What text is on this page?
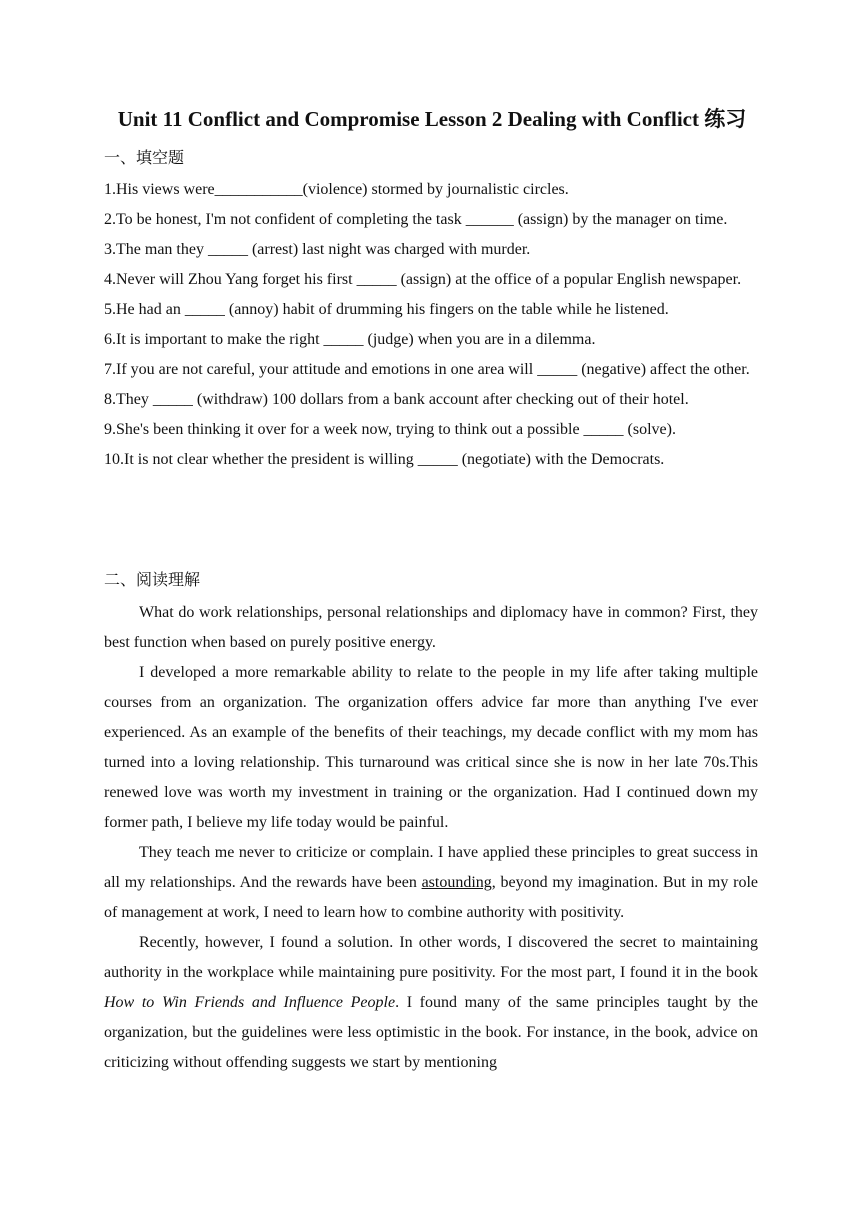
Unit 11 Conflict and Compromise Lesson 2 Dealing with Conflict 练习
一、填空题

1.His views were___________(violence) stormed by journalistic circles.

2.To be honest, I'm not confident of completing the task ______ (assign) by the manager on time.

3.The man they _____ (arrest) last night was charged with murder.

4.Never will Zhou Yang forget his first _____ (assign) at the office of a popular English newspaper.

5.He had an _____ (annoy) habit of drumming his fingers on the table while he listened.

6.It is important to make the right _____ (judge) when you are in a dilemma.

7.If you are not careful, your attitude and emotions in one area will _____ (negative) affect the other.

8.They _____ (withdraw) 100 dollars from a bank account after checking out of their hotel.

9.She's been thinking it over for a week now, trying to think out a possible _____ (solve).

10.It is not clear whether the president is willing _____ (negotiate) with the Democrats.

二、阅读理解

What do work relationships, personal relationships and diplomacy have in common? First, they best function when based on purely positive energy.

I developed a more remarkable ability to relate to the people in my life after taking multiple courses from an organization. The organization offers advice far more than anything I've ever experienced. As an example of the benefits of their teachings, my decade conflict with my mom has turned into a loving relationship. This turnaround was critical since she is now in her late 70s.This renewed love was worth my investment in training or the organization. Had I continued down my former path, I believe my life today would be painful.

They teach me never to criticize or complain. I have applied these principles to great success in all my relationships. And the rewards have been astounding, beyond my imagination. But in my role of management at work, I need to learn how to combine authority with positivity.

Recently, however, I found a solution. In other words, I discovered the secret to maintaining authority in the workplace while maintaining pure positivity. For the most part, I found it in the book How to Win Friends and Influence People. I found many of the same principles taught by the organization, but the guidelines were less optimistic in the book. For instance, in the book, advice on criticizing without offending suggests we start by mentioning
